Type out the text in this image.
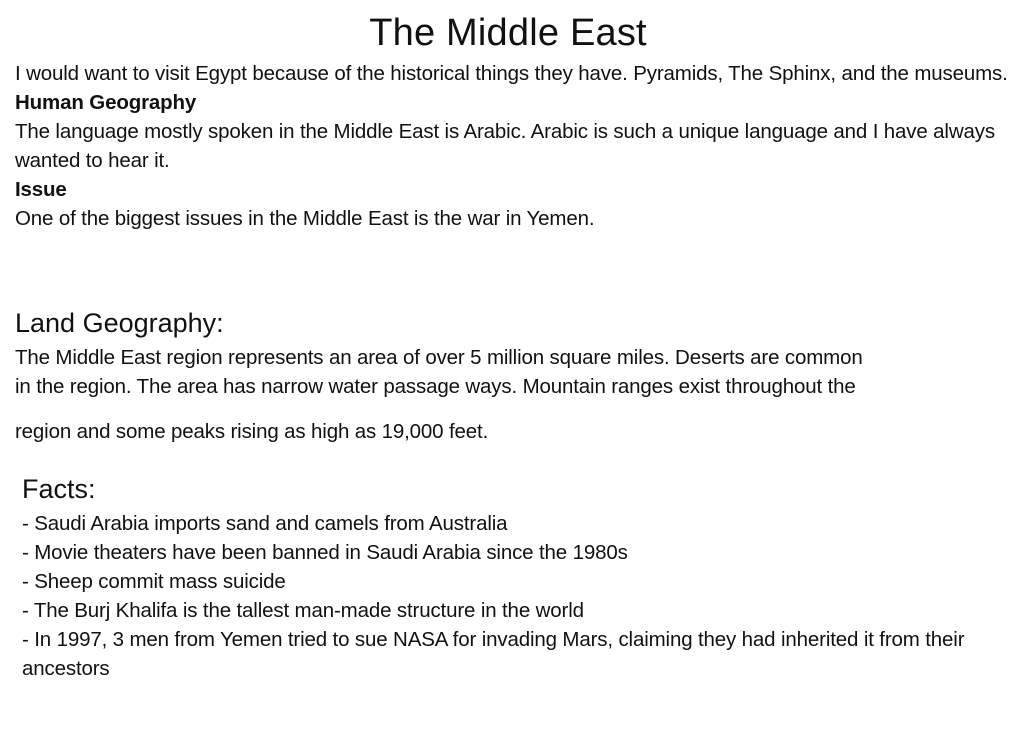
The Middle East
I would want to visit Egypt because of the historical things they have. Pyramids, The Sphinx, and the museums.
Human Geography
The language mostly spoken in the Middle East is Arabic. Arabic is such a unique language and I have always wanted to hear it.
Issue
One of the biggest issues in the Middle East is the war in Yemen.
Land Geography:
The Middle East region represents an area of over 5 million square miles. Deserts are common
in the region. The area has narrow water passage ways. Mountain ranges exist throughout the
region and some peaks rising as high as 19,000 feet.
Facts:
- Saudi Arabia imports sand and camels from Australia
- Movie theaters have been banned in Saudi Arabia since the 1980s
- Sheep commit mass suicide
- The Burj Khalifa is the tallest man-made structure in the world
- In 1997, 3 men from Yemen tried to sue NASA for invading Mars, claiming they had inherited it from their ancestors
